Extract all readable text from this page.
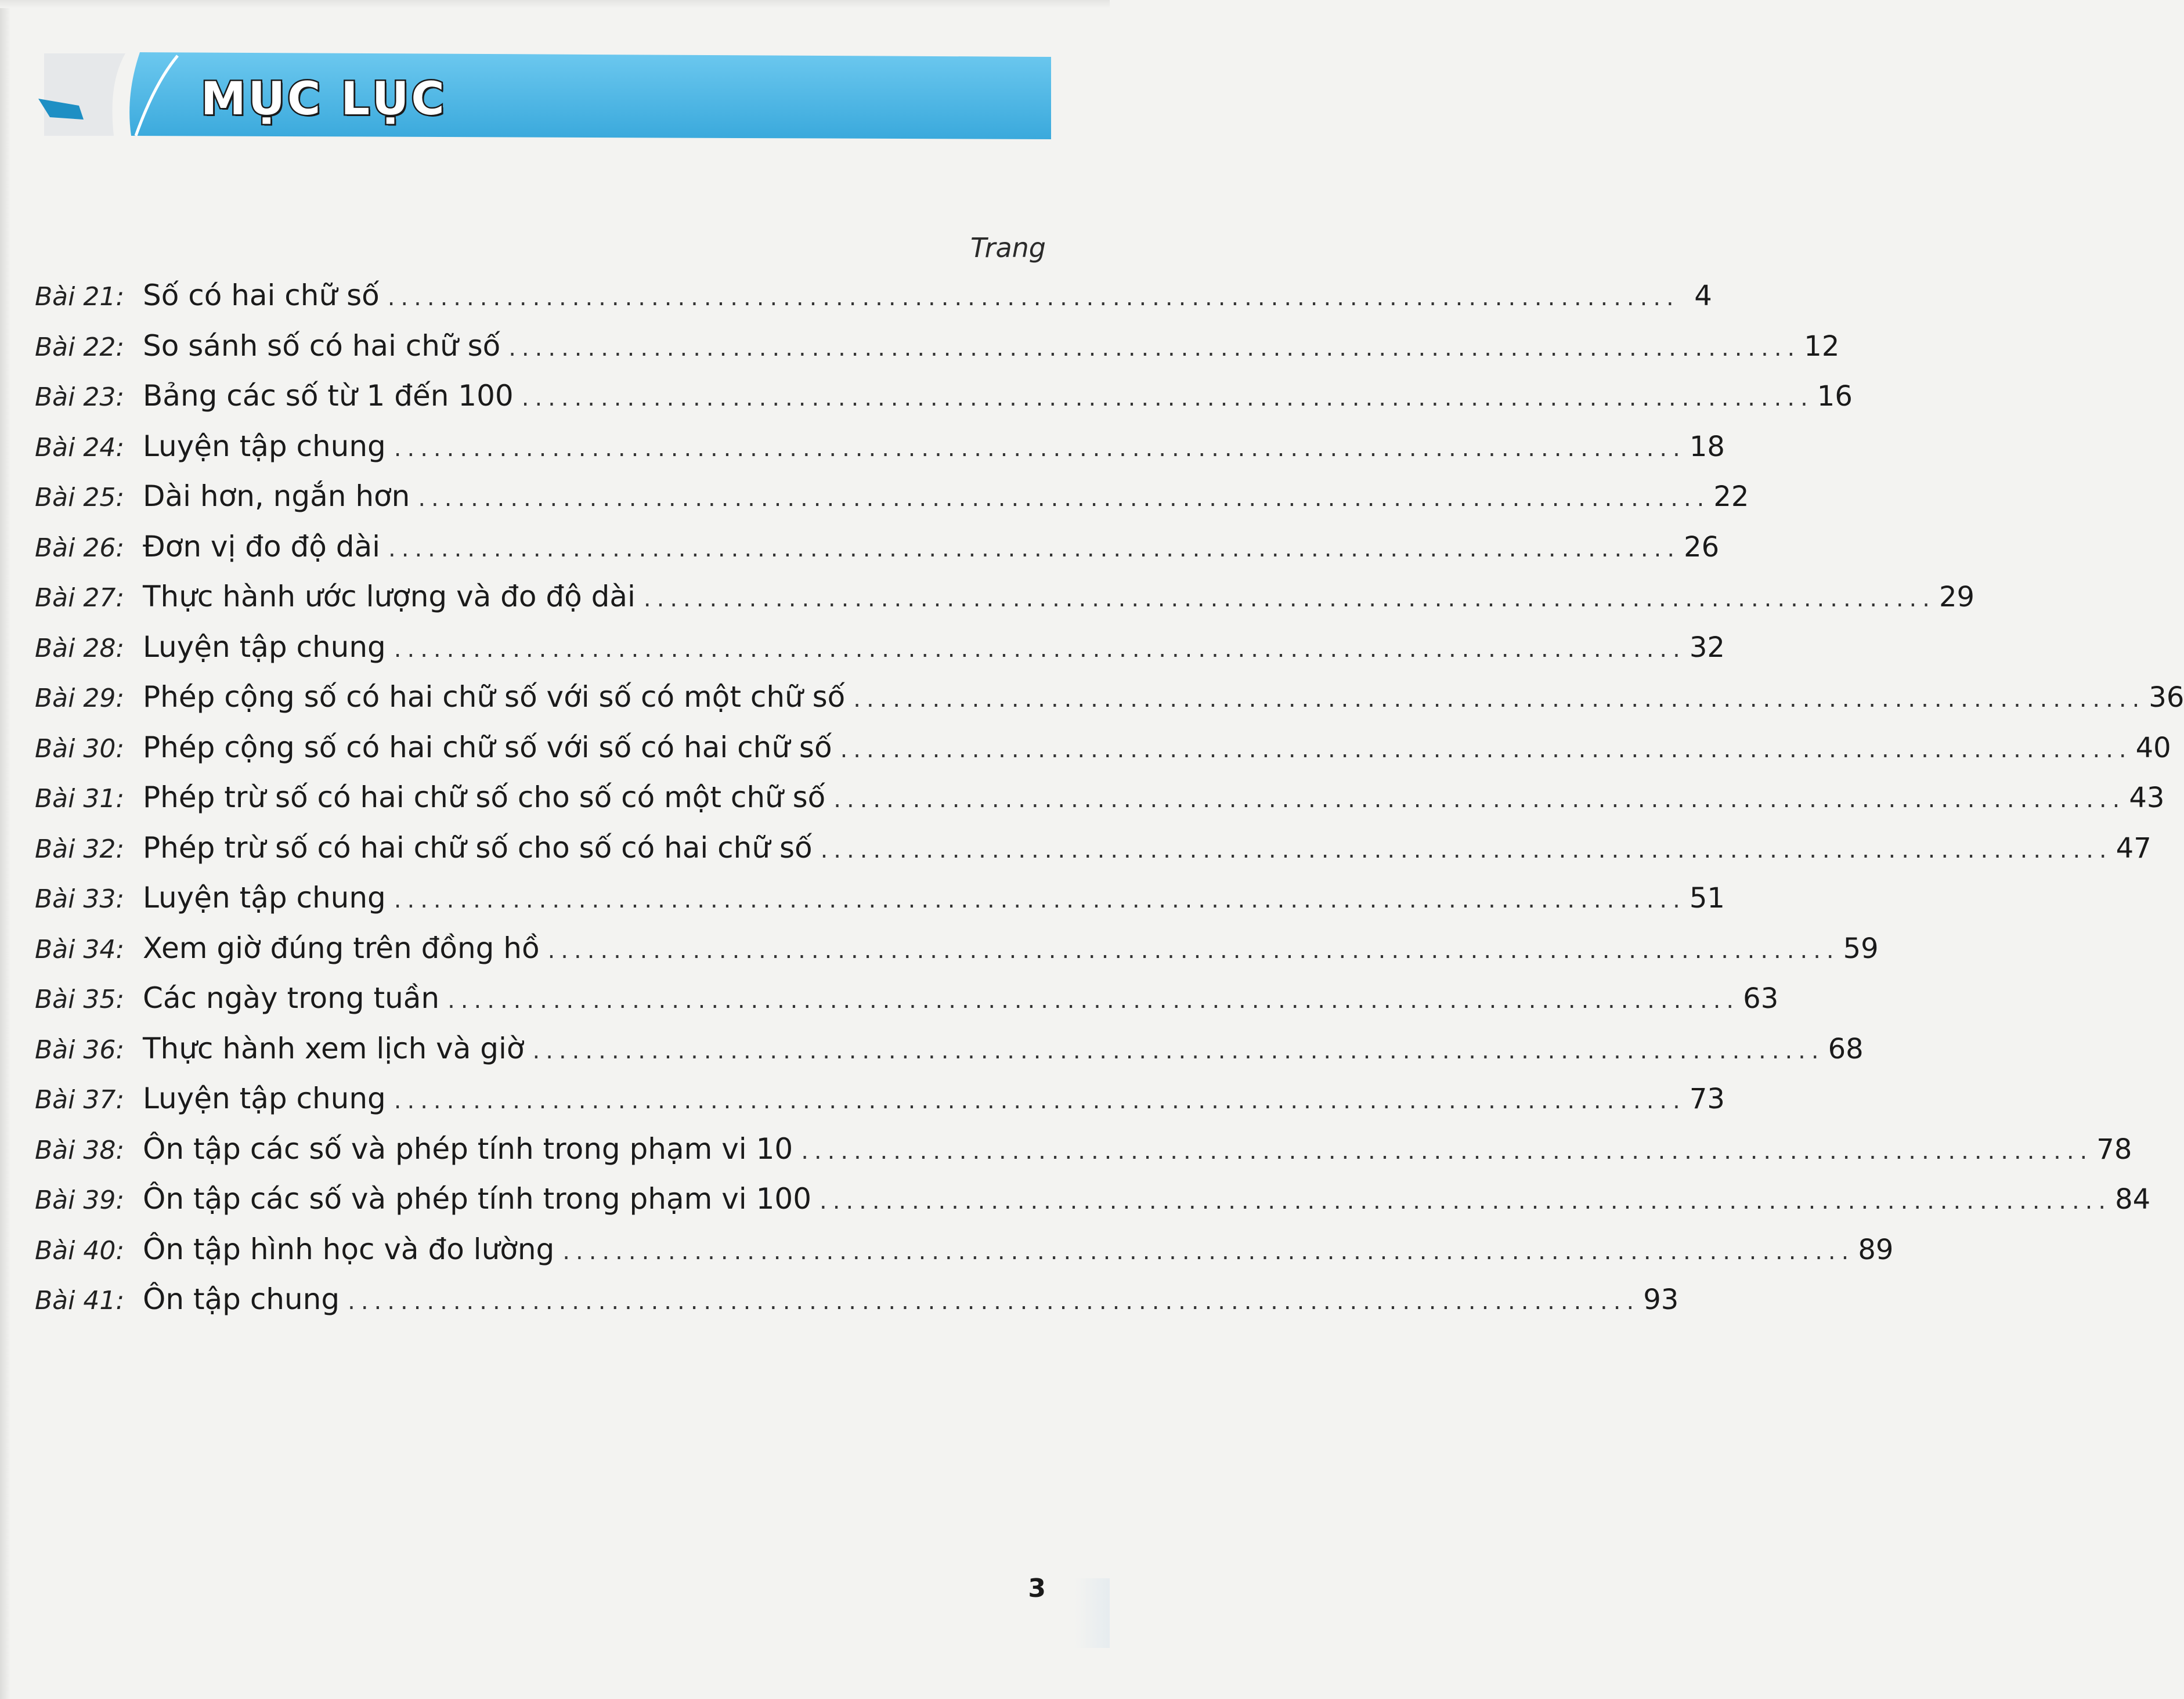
MỤC LỤC
Trang
Bài 21: Số có hai chữ số .................................................................................................. 4
Bài 22: So sánh số có hai chữ số .................................................................................................. 12
Bài 23: Bảng các số từ 1 đến 100 .................................................................................................. 16
Bài 24: Luyện tập chung .................................................................................................. 18
Bài 25: Dài hơn, ngắn hơn .................................................................................................. 22
Bài 26: Đơn vị đo độ dài .................................................................................................. 26
Bài 27: Thực hành ước lượng và đo độ dài .................................................................................................. 29
Bài 28: Luyện tập chung .................................................................................................. 32
Bài 29: Phép cộng số có hai chữ số với số có một chữ số .................................................................................................. 36
Bài 30: Phép cộng số có hai chữ số với số có hai chữ số .................................................................................................. 40
Bài 31: Phép trừ số có hai chữ số cho số có một chữ số .................................................................................................. 43
Bài 32: Phép trừ số có hai chữ số cho số có hai chữ số .................................................................................................. 47
Bài 33: Luyện tập chung .................................................................................................. 51
Bài 34: Xem giờ đúng trên đồng hồ .................................................................................................. 59
Bài 35: Các ngày trong tuần .................................................................................................. 63
Bài 36: Thực hành xem lịch và giờ .................................................................................................. 68
Bài 37: Luyện tập chung .................................................................................................. 73
Bài 38: Ôn tập các số và phép tính trong phạm vi 10 .................................................................................................. 78
Bài 39: Ôn tập các số và phép tính trong phạm vi 100 .................................................................................................. 84
Bài 40: Ôn tập hình học và đo lường .................................................................................................. 89
Bài 41: Ôn tập chung .................................................................................................. 93
3
